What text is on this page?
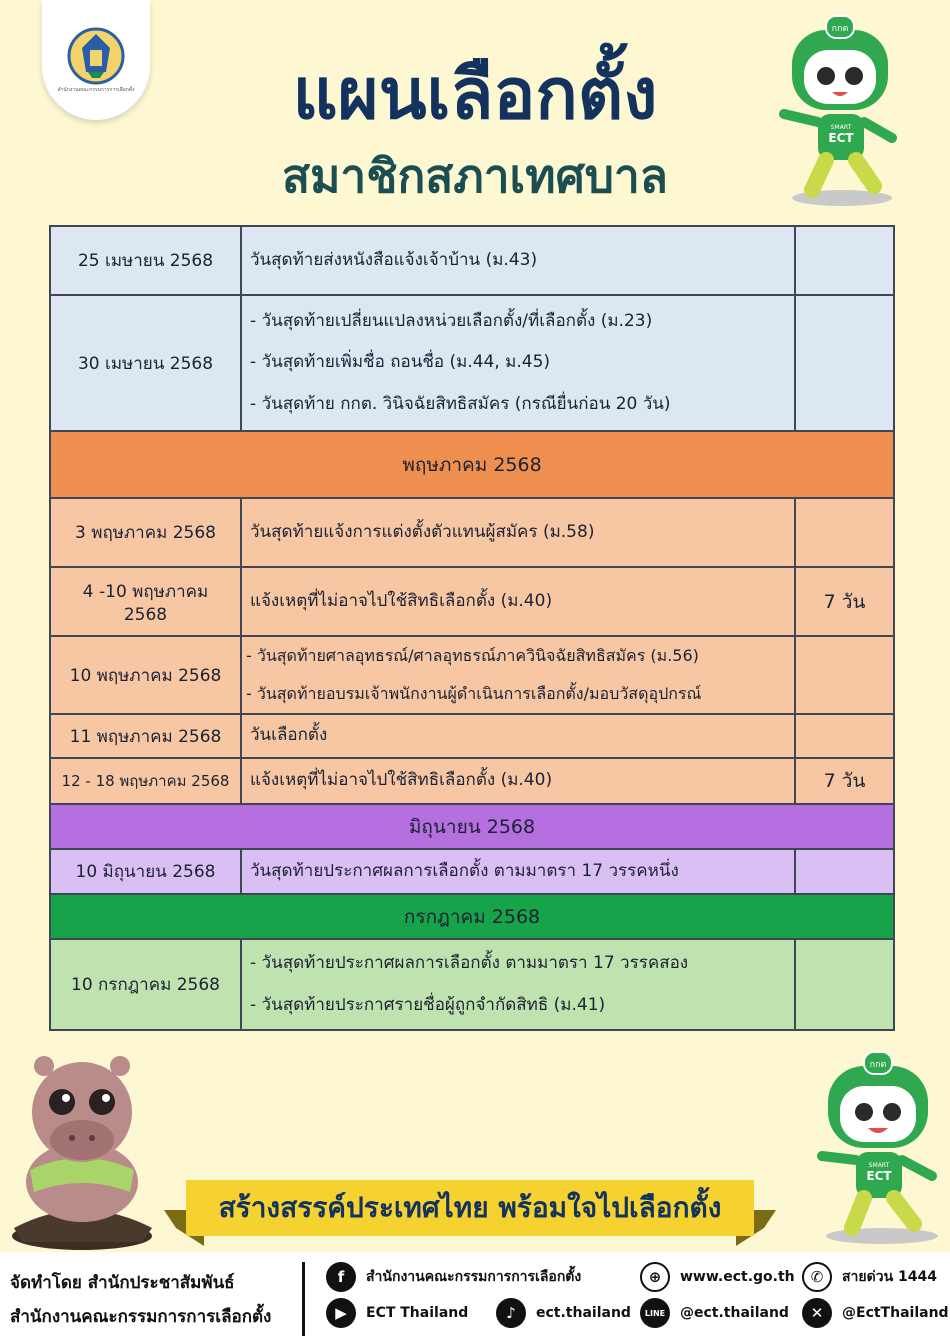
สำนักงานคณะกรรมการการเลือกตั้ง	แผนเลือกตั้ง
สมาชิกสภาเทศบาล
กกต
SMART
ECT
25 เมษายน 2568	วันสุดท้ายส่งหนังสือแจ้งเจ้าบ้าน (ม.43)	

30 เมษายน 2568	- วันสุดท้ายเปลี่ยนแปลงหน่วยเลือกตั้ง/ที่เลือกตั้ง (ม.23)

- วันสุดท้ายเพิ่มชื่อ ถอนชื่อ (ม.44, ม.45)

- วันสุดท้าย กกต. วินิจฉัยสิทธิสมัคร (กรณียื่นก่อน 20 วัน)	

พฤษภาคม 2568		
3 พฤษภาคม 2568	วันสุดท้ายแจ้งการแต่งตั้งตัวแทนผู้สมัคร (ม.58)	

4 -10 พฤษภาคม 2568	แจ้งเหตุที่ไม่อาจไปใช้สิทธิเลือกตั้ง (ม.40)	7 วัน
10 พฤษภาคม 2568	- วันสุดท้ายศาลอุทธรณ์/ศาลอุทธรณ์ภาควินิจฉัยสิทธิสมัคร (ม.56)

- วันสุดท้ายอบรมเจ้าพนักงานผู้ดำเนินการเลือกตั้ง/มอบวัสดุอุปกรณ์	

11 พฤษภาคม 2568	วันเลือกตั้ง	

12 - 18 พฤษภาคม 2568	แจ้งเหตุที่ไม่อาจไปใช้สิทธิเลือกตั้ง (ม.40)	7 วัน
มิถุนายน 2568		
10 มิถุนายน 2568	วันสุดท้ายประกาศผลการเลือกตั้ง ตามมาตรา 17 วรรคหนึ่ง	

กรกฎาคม 2568		
10 กรกฎาคม 2568	- วันสุดท้ายประกาศผลการเลือกตั้ง ตามมาตรา 17 วรรคสอง

- วันสุดท้ายประกาศรายชื่อผู้ถูกจำกัดสิทธิ (ม.41)	

กกต
SMART
ECT
สร้างสรรค์ประเทศไทย พร้อมใจไปเลือกตั้ง
จัดทำโดย สำนักประชาสัมพันธ์
สำนักงานคณะกรรมการการเลือกตั้ง
f	สำนักงานคณะกรรมการการเลือกตั้ง	⊕	www.ect.go.th	✆	สายด่วน 1444
▶	ECT Thailand	♪	ect.thailand	LINE	@ect.thailand	✕	@EctThailand
